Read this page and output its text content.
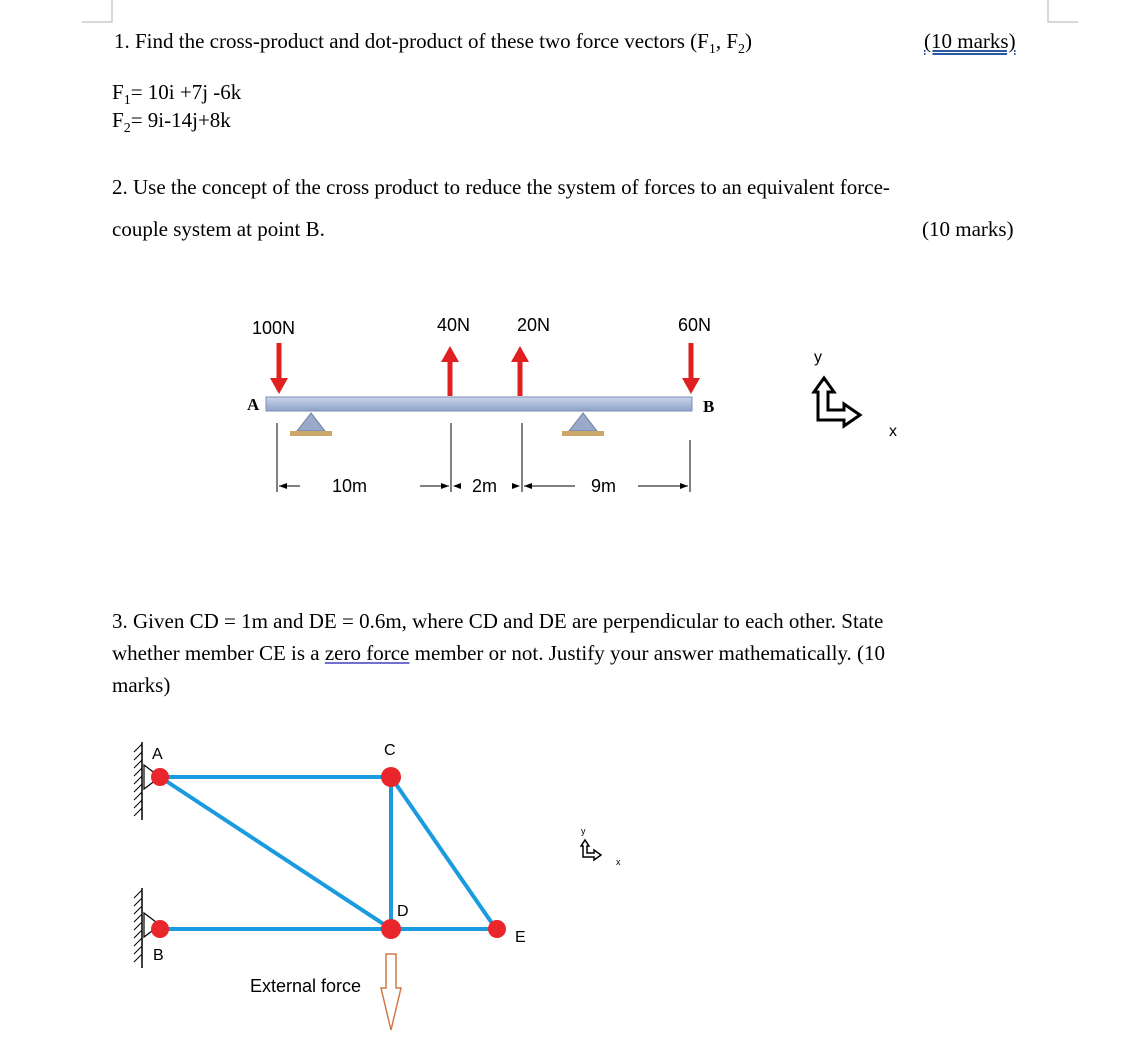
1. Find the cross-product and dot-product of these two force vectors ($F_1$, $F_2$)	(10 marks)
$F_1= 10i +7j$ -6k
$F_2= 9i-14j+8k$
2. Use the concept of the cross product to reduce the system of forces to an equivalent force-
couple system at point B.	(10 marks)
100N	40N	20N	60N
A	B
10m	2m	9m
y
x
A	C
D
E
B
External force
y
x
3. Given CD = 1m and DE = 0.6m, where CD and DE are perpendicular to each other. State
whether member CE is a zero force member or not. Justify your answer mathematically. (10
marks)
